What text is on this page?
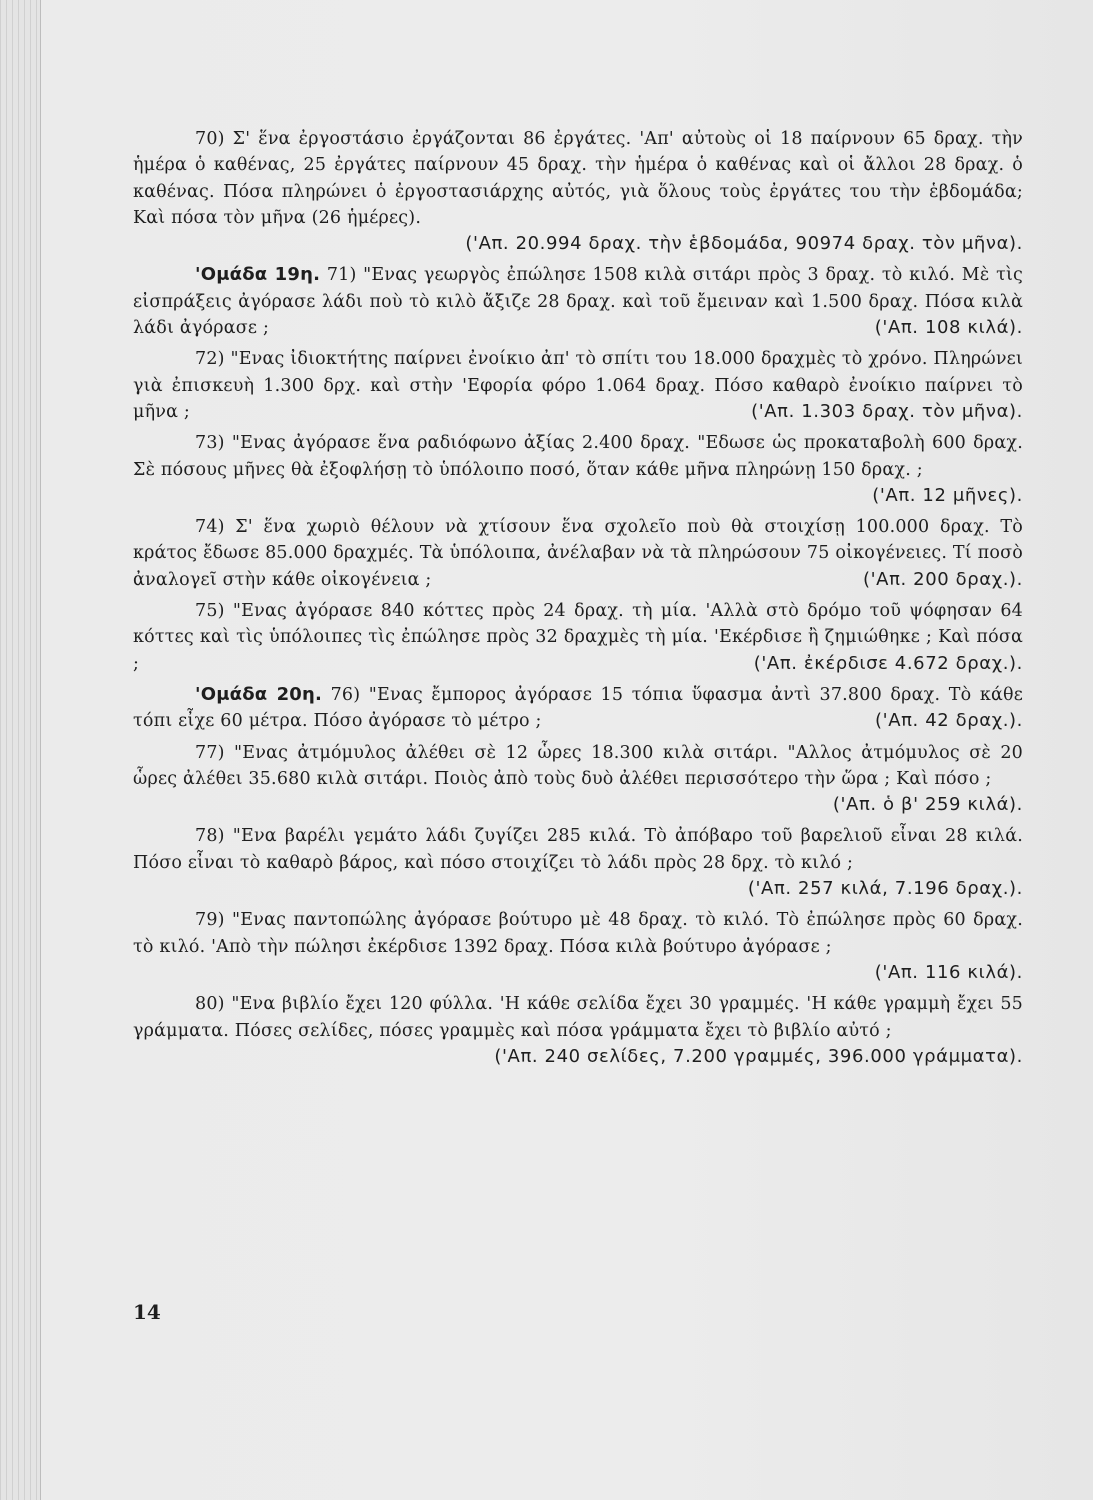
70) Σ' ἕνα ἐργοστάσιο ἐργάζονται 86 ἐργάτες. 'Απ' αὐτοὺς οἱ 18 παίρνουν 65 δραχ. τὴν ἡμέρα ὁ καθένας, 25 ἐργάτες παίρνουν 45 δραχ. τὴν ἡμέρα ὁ καθένας καὶ οἱ ἄλλοι 28 δραχ. ὁ καθένας. Πόσα πληρώνει ὁ ἐργοστασιάρχης αὐτός, γιὰ ὅλους τοὺς ἐργάτες του τὴν ἑβδομάδα; Καὶ πόσα τὸν μῆνα (26 ἡμέρες).
('Απ. 20.994 δραχ. τὴν ἑβδομάδα, 90974 δραχ. τὸν μῆνα).

'Ομάδα 19η. 71) "Ενας γεωργὸς ἐπώλησε 1508 κιλὰ σιτάρι πρὸς 3 δραχ. τὸ κιλό. Μὲ τὶς εἰσπράξεις ἀγόρασε λάδι ποὺ τὸ κιλὸ ἄξιζε 28 δραχ. καὶ τοῦ ἔμειναν καὶ 1.500 δραχ. Πόσα κιλὰ λάδι ἀγόρασε ;	('Απ. 108 κιλά).

72) "Ενας ἰδιοκτήτης παίρνει ἐνοίκιο ἀπ' τὸ σπίτι του 18.000 δραχμὲς τὸ χρόνο. Πληρώνει γιὰ ἐπισκευὴ 1.300 δρχ. καὶ στὴν 'Εφορία φόρο 1.064 δραχ. Πόσο καθαρὸ ἐνοίκιο παίρνει τὸ μῆνα ;	('Απ. 1.303 δραχ. τὸν μῆνα).

73) "Ενας ἀγόρασε ἕνα ραδιόφωνο ἀξίας 2.400 δραχ. "Εδωσε ὡς προκαταβολὴ 600 δραχ. Σὲ πόσους μῆνες θὰ ἐξοφλήσῃ τὸ ὑπόλοιπο ποσό, ὅταν κάθε μῆνα πληρώνῃ 150 δραχ. ;
('Απ. 12 μῆνες).

74) Σ' ἕνα χωριὸ θέλουν νὰ χτίσουν ἕνα σχολεῖο ποὺ θὰ στοιχίσῃ 100.000 δραχ. Τὸ κράτος ἔδωσε 85.000 δραχμές. Τὰ ὑπόλοιπα, ἀνέλαβαν νὰ τὰ πληρώσουν 75 οἰκογένειες. Τί ποσὸ ἀναλογεῖ στὴν κάθε οἰκογένεια ;	('Απ. 200 δραχ.).

75) "Ενας ἀγόρασε 840 κόττες πρὸς 24 δραχ. τὴ μία. 'Αλλὰ στὸ δρόμο τοῦ ψόφησαν 64 κόττες καὶ τὶς ὑπόλοιπες τὶς ἐπώλησε πρὸς 32 δραχμὲς τὴ μία. 'Εκέρδισε ἢ ζημιώθηκε ; Καὶ πόσα ;	('Απ. ἐκέρδισε 4.672 δραχ.).

'Ομάδα 20η. 76) "Ενας ἔμπορος ἀγόρασε 15 τόπια ὕφασμα ἀντὶ 37.800 δραχ. Τὸ κάθε τόπι εἶχε 60 μέτρα. Πόσο ἀγόρασε τὸ μέτρο ;	('Απ. 42 δραχ.).

77) "Ενας ἀτμόμυλος ἀλέθει σὲ 12 ὧρες 18.300 κιλὰ σιτάρι. "Αλλος ἀτμόμυλος σὲ 20 ὧρες ἀλέθει 35.680 κιλὰ σιτάρι. Ποιὸς ἀπὸ τοὺς δυὸ ἀλέθει περισσότερο τὴν ὥρα ; Καὶ πόσο ;
('Απ. ὁ β' 259 κιλά).

78) "Ενα βαρέλι γεμάτο λάδι ζυγίζει 285 κιλά. Τὸ ἀπόβαρο τοῦ βαρελιοῦ εἶναι 28 κιλά. Πόσο εἶναι τὸ καθαρὸ βάρος, καὶ πόσο στοιχίζει τὸ λάδι πρὸς 28 δρχ. τὸ κιλό ;
('Απ. 257 κιλά, 7.196 δραχ.).

79) "Ενας παντοπώλης ἀγόρασε βούτυρο μὲ 48 δραχ. τὸ κιλό. Τὸ ἐπώλησε πρὸς 60 δραχ. τὸ κιλό. 'Απὸ τὴν πώλησι ἐκέρδισε 1392 δραχ. Πόσα κιλὰ βούτυρο ἀγόρασε ;
('Απ. 116 κιλά).

80) "Ενα βιβλίο ἔχει 120 φύλλα. 'Η κάθε σελίδα ἔχει 30 γραμμές. 'Η κάθε γραμμὴ ἔχει 55 γράμματα. Πόσες σελίδες, πόσες γραμμὲς καὶ πόσα γράμματα ἔχει τὸ βιβλίο αὐτό ;
('Απ. 240 σελίδες, 7.200 γραμμές, 396.000 γράμματα).

14
